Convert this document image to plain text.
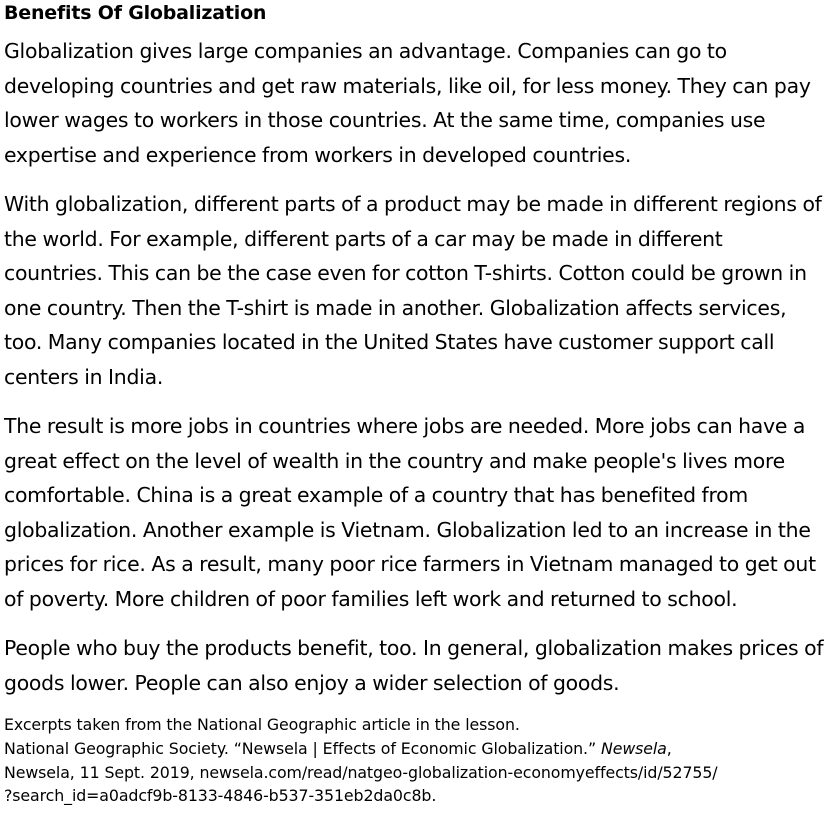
Benefits Of Globalization

Globalization gives large companies an advantage. Companies can go to developing countries and get raw materials, like oil, for less money. They can pay lower wages to workers in those countries. At the same time, companies use expertise and experience from workers in developed countries.

With globalization, different parts of a product may be made in different regions of the world. For example, different parts of a car may be made in different countries. This can be the case even for cotton T-shirts. Cotton could be grown in one country. Then the T-shirt is made in another. Globalization affects services, too. Many companies located in the United States have customer support call centers in India.

The result is more jobs in countries where jobs are needed. More jobs can have a great effect on the level of wealth in the country and make people's lives more comfortable. China is a great example of a country that has benefited from globalization. Another example is Vietnam. Globalization led to an increase in the prices for rice. As a result, many poor rice farmers in Vietnam managed to get out of poverty. More children of poor families left work and returned to school.

People who buy the products benefit, too. In general, globalization makes prices of goods lower. People can also enjoy a wider selection of goods.

Excerpts taken from the National Geographic article in the lesson.

National Geographic Society. “Newsela | Effects of Economic Globalization.” Newsela,
Newsela, 11 Sept. 2019, newsela.com/read/natgeo-globalization-economyeffects/id/52755/
?search_id=a0adcf9b-8133-4846-b537-351eb2da0c8b.
